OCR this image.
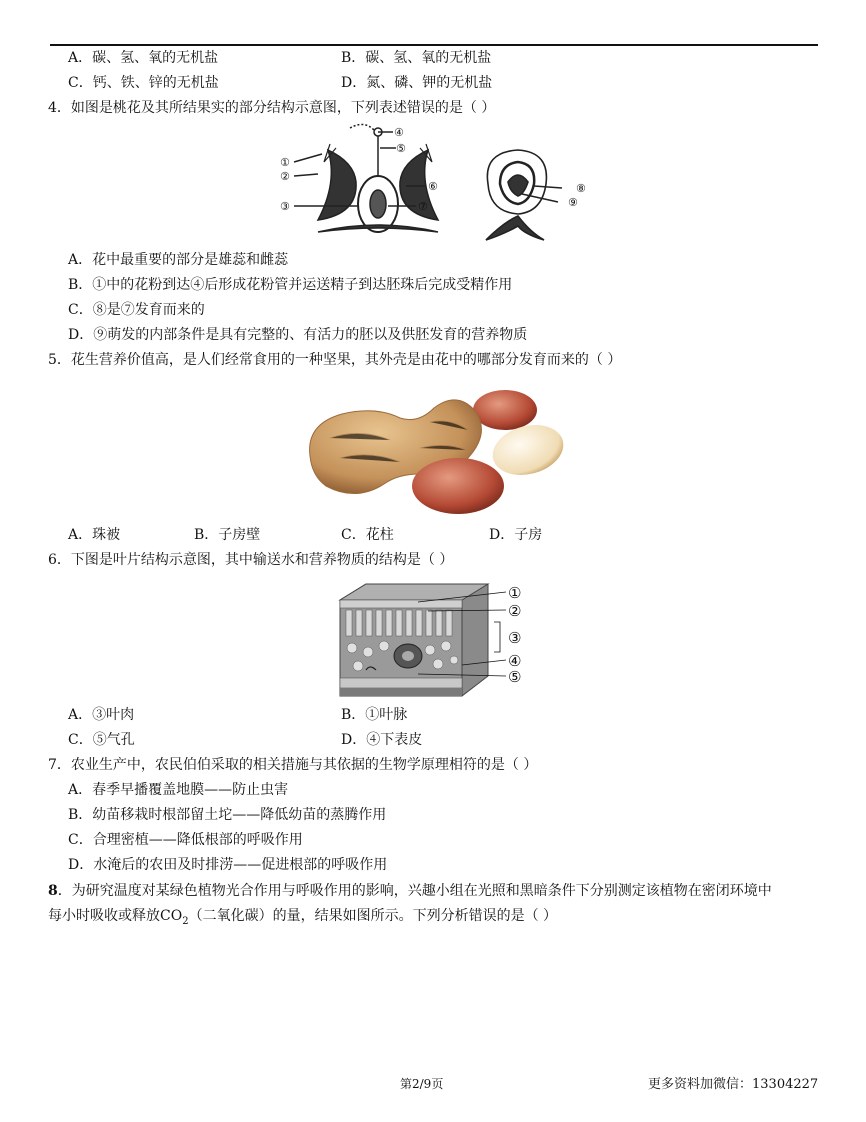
A．碳、氢、氧的无机盐	B．碳、氢、氧的无机盐
C．钙、铁、锌的无机盐	D．氮、磷、钾的无机盐
4．如图是桃花及其所结果实的部分结构示意图，下列表述错误的是（ ）
①
②
③
④
⑤
⑥
⑦
⑧
⑨
A．花中最重要的部分是雄蕊和雌蕊
B．①中的花粉到达④后形成花粉管并运送精子到达胚珠后完成受精作用
C．⑧是⑦发育而来的
D．⑨萌发的内部条件是具有完整的、有活力的胚以及供胚发育的营养物质
5．花生营养价值高，是人们经常食用的一种坚果，其外壳是由花中的哪部分发育而来的（ ）
A．珠被	B．子房壁	C．花柱	D．子房
6．下图是叶片结构示意图，其中输送水和营养物质的结构是（ ）
①
②
③
④
⑤
A．③叶肉	B．①叶脉
C．⑤气孔	D．④下表皮
7．农业生产中，农民伯伯采取的相关措施与其依据的生物学原理相符的是（ ）
A．春季早播覆盖地膜——防止虫害
B．幼苗移栽时根部留土坨——降低幼苗的蒸腾作用
C．合理密植——降低根部的呼吸作用
D．水淹后的农田及时排涝——促进根部的呼吸作用
8．为研究温度对某绿色植物光合作用与呼吸作用的影响，兴趣小组在光照和黑暗条件下分别测定该植物在密闭环境中
每小时吸收或释放$CO_2$（二氧化碳）的量，结果如图所示。下列分析错误的是（ ）
第2/9页	更多资料加微信：13304227
